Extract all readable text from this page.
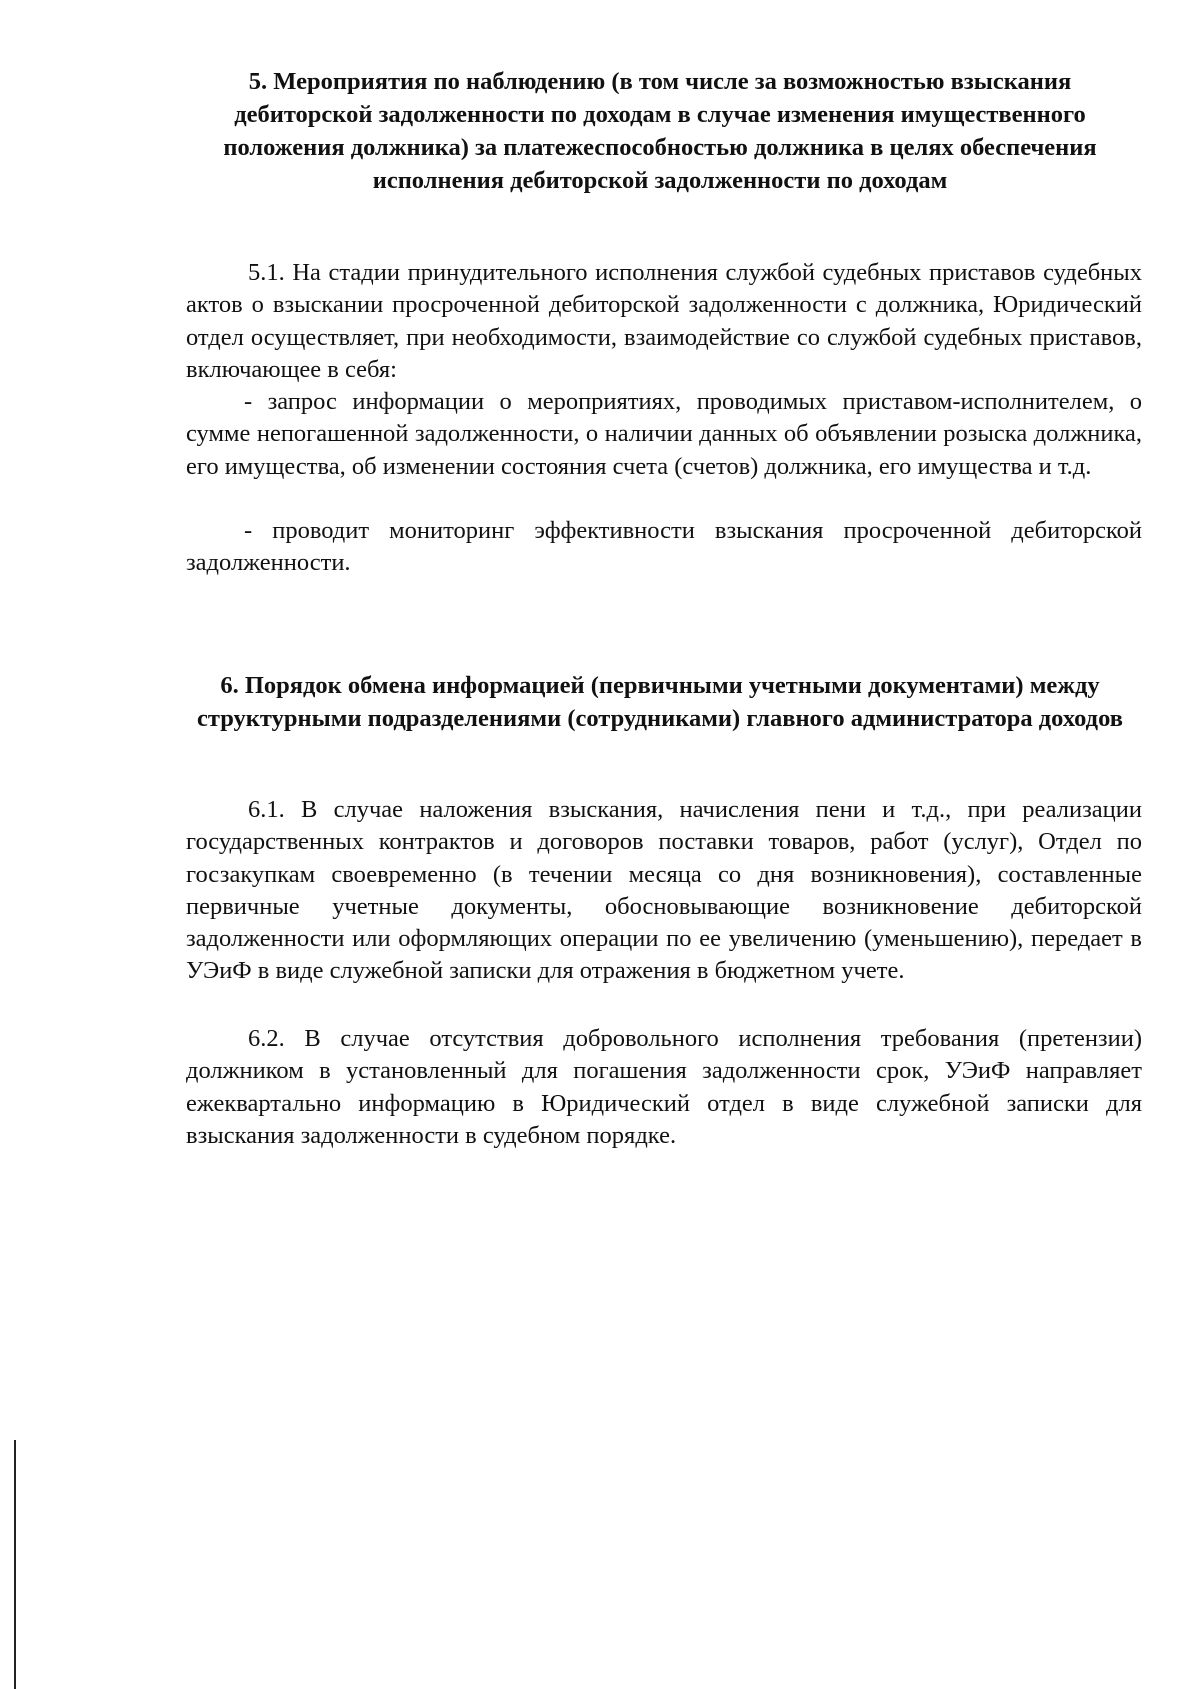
5. Мероприятия по наблюдению (в том числе за возможностью взыскания дебиторской задолженности по доходам в случае изменения имущественного положения должника) за платежеспособностью должника в целях обеспечения исполнения дебиторской задолженности по доходам

5.1. На стадии принудительного исполнения службой судебных приставов судебных актов о взыскании просроченной дебиторской задолженности с должника, Юридический отдел осуществляет, при необходимости, взаимодействие со службой судебных приставов, включающее в себя:

- запрос информации о мероприятиях, проводимых приставом-исполнителем, о сумме непогашенной задолженности, о наличии данных об объявлении розыска должника, его имущества, об изменении состояния счета (счетов) должника, его имущества и т.д.

- проводит мониторинг эффективности взыскания просроченной дебиторской задолженности.

6. Порядок обмена информацией (первичными учетными документами) между структурными подразделениями (сотрудниками) главного администратора доходов

6.1. В случае наложения взыскания, начисления пени и т.д., при реализации государственных контрактов и договоров поставки товаров, работ (услуг), Отдел по госзакупкам своевременно (в течении месяца со дня возникновения), составленные первичные учетные документы, обосновывающие возникновение дебиторской задолженности или оформляющих операции по ее увеличению (уменьшению), передает в УЭиФ в виде служебной записки для отражения в бюджетном учете.

6.2. В случае отсутствия добровольного исполнения требования (претензии) должником в установленный для погашения задолженности срок, УЭиФ направляет ежеквартально информацию в Юридический отдел в виде служебной записки для взыскания задолженности в судебном порядке.
